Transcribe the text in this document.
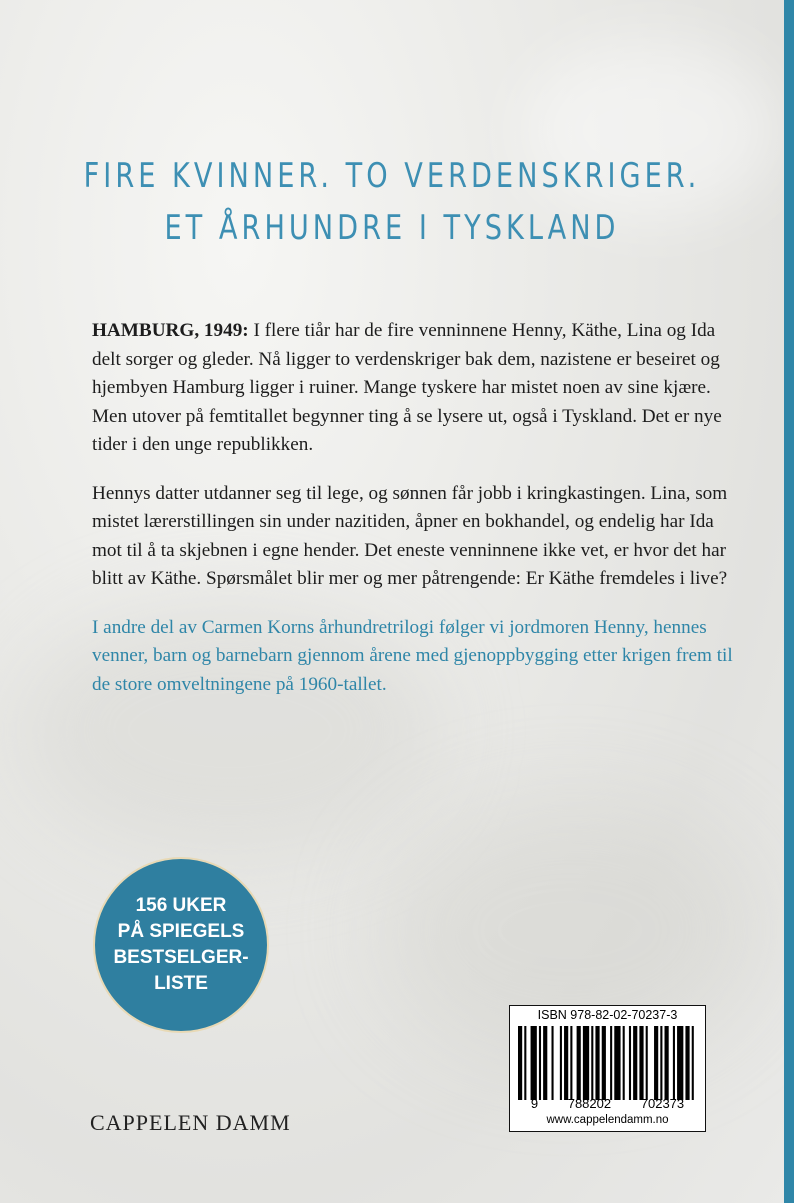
FIRE KVINNER. TO VERDENSKRIGER.
ET ÅRHUNDRE I TYSKLAND

HAMBURG, 1949: I flere tiår har de fire venninnene Henny, Käthe, Lina og Ida delt sorger og gleder. Nå ligger to verdenskriger bak dem, nazistene er beseiret og hjembyen Hamburg ligger i ruiner. Mange tyskere har mistet noen av sine kjære. Men utover på femtitallet begynner ting å se lysere ut, også i Tyskland. Det er nye tider i den unge republikken.

Hennys datter utdanner seg til lege, og sønnen får jobb i kringkastingen. Lina, som mistet lærerstillingen sin under nazitiden, åpner en bokhandel, og endelig har Ida mot til å ta skjebnen i egne hender. Det eneste venninnene ikke vet, er hvor det har blitt av Käthe. Spørsmålet blir mer og mer påtrengende: Er Käthe fremdeles i live?

I andre del av Carmen Korns århundretrilogi følger vi jordmoren Henny, hennes venner, barn og barnebarn gjennom årene med gjenoppbygging etter krigen frem til de store omveltningene på 1960-tallet.

156 UKER
PÅ SPIEGELS
BESTSELGER-
LISTE
CAPPELEN DAMM
ISBN 978-82-02-70237-3
9 788202 702373
www.cappelendamm.no
